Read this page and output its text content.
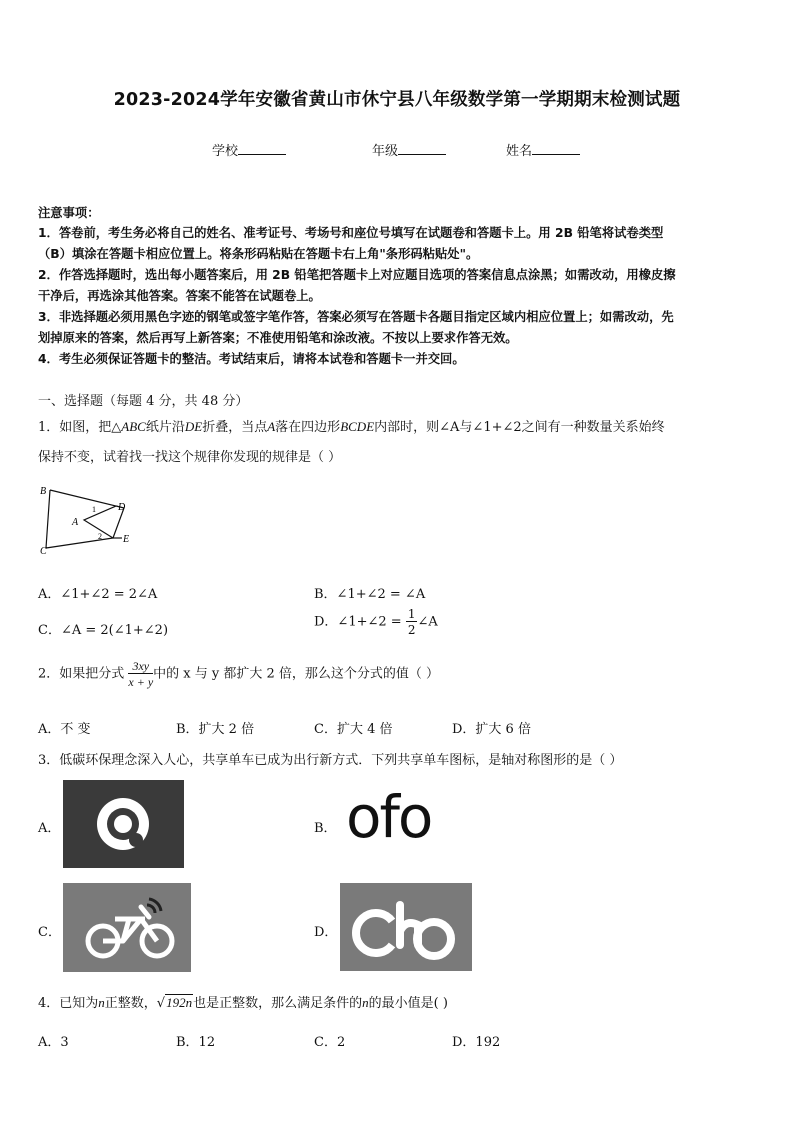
2023-2024学年安徽省黄山市休宁县八年级数学第一学期期末检测试题
学校	年级	姓名
注意事项：
1．答卷前，考生务必将自己的姓名、准考证号、考场号和座位号填写在试题卷和答题卡上。用 2B 铅笔将试卷类型
（B）填涂在答题卡相应位置上。将条形码粘贴在答题卡右上角"条形码粘贴处"。
2．作答选择题时，选出每小题答案后，用 2B 铅笔把答题卡上对应题目选项的答案信息点涂黑；如需改动，用橡皮擦
干净后，再选涂其他答案。答案不能答在试题卷上。
3．非选择题必须用黑色字迹的钢笔或签字笔作答，答案必须写在答题卡各题目指定区域内相应位置上；如需改动，先
划掉原来的答案，然后再写上新答案；不准使用铅笔和涂改液。不按以上要求作答无效。
4．考生必须保证答题卡的整洁。考试结束后，请将本试卷和答题卡一并交回。
一、选择题（每题 4 分，共 48 分）
1．如图，把△ABC纸片沿DE折叠，当点A落在四边形BCDE内部时，则∠A与∠1+∠2之间有一种数量关系始终
保持不变，试着找一找这个规律你发现的规律是（ ）
B
C
D
E
A
1
2
A．∠1+∠2 = 2∠A	B．∠1+∠2 = ∠A
C．∠A = 2(∠1+∠2)
D．∠1+∠2 = $\frac{1}{2}$ ∠A
2．如果把分式 $\frac{3xy}{x + y}$ 中的 x 与 y 都扩大 2 倍，那么这个分式的值（ ）
A．不 变	B．扩大 2 倍	C．扩大 4 倍	D．扩大 6 倍
3．低碳环保理念深入人心，共享单车已成为出行新方式．下列共享单车图标，是轴对称图形的是（ ）
A．	B． ofo
C．	D．
4．已知为n正整数，√192n也是正整数，那么满足条件的n的最小值是( )
A．3	B．12	C．2	D．192
